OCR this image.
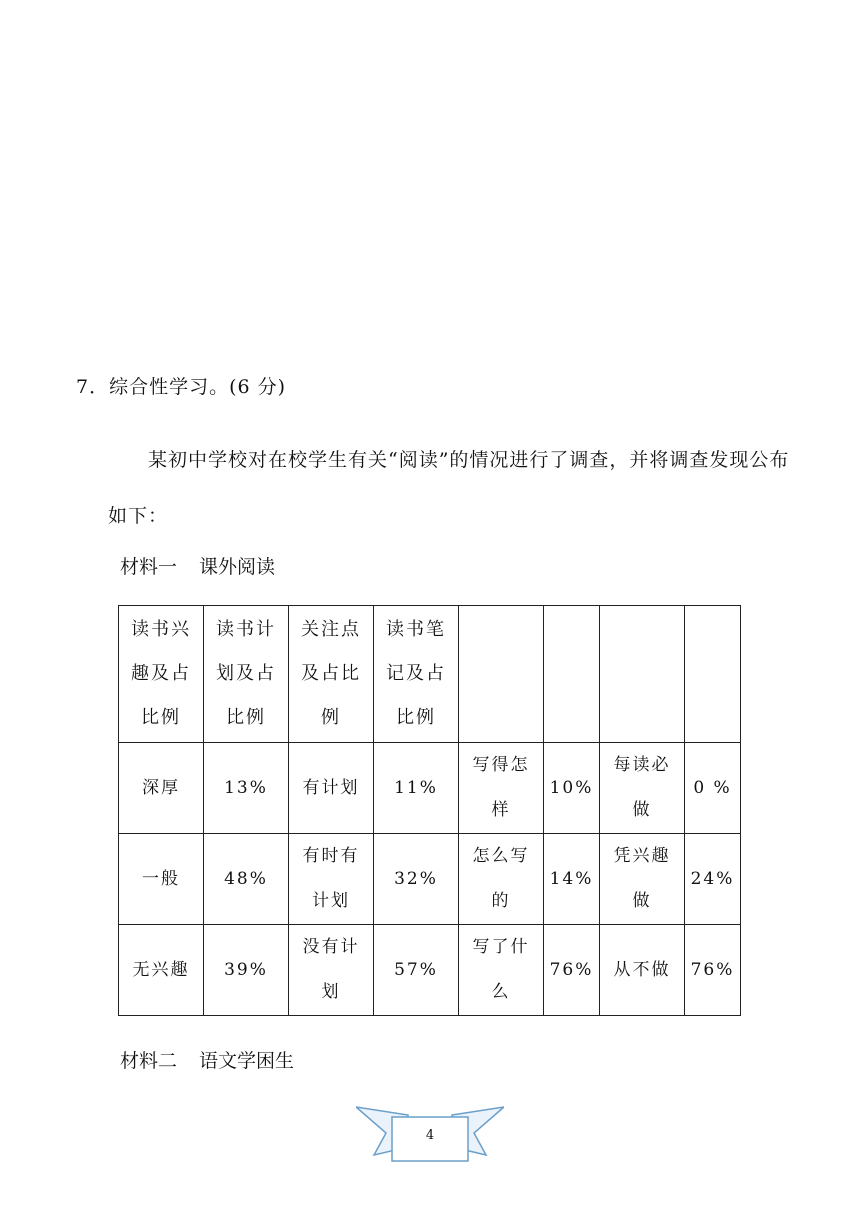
7．综合性学习。(6 分)

某初中学校对在校学生有关“阅读”的情况进行了调查，并将调查发现公布如下：

材料一 课外阅读
读书兴趣及占比例	读书计划及占比例	关注点及占比例	读书笔记及占比例				
深厚	13%	有计划	11%	写得怎样	10%	每读必做	0 %
一般	48%	有时有计划	32%	怎么写的	14%	凭兴趣做	24%
无兴趣	39%	没有计划	57%	写了什么	76%	从不做	76%
材料二 语文学困生
4
